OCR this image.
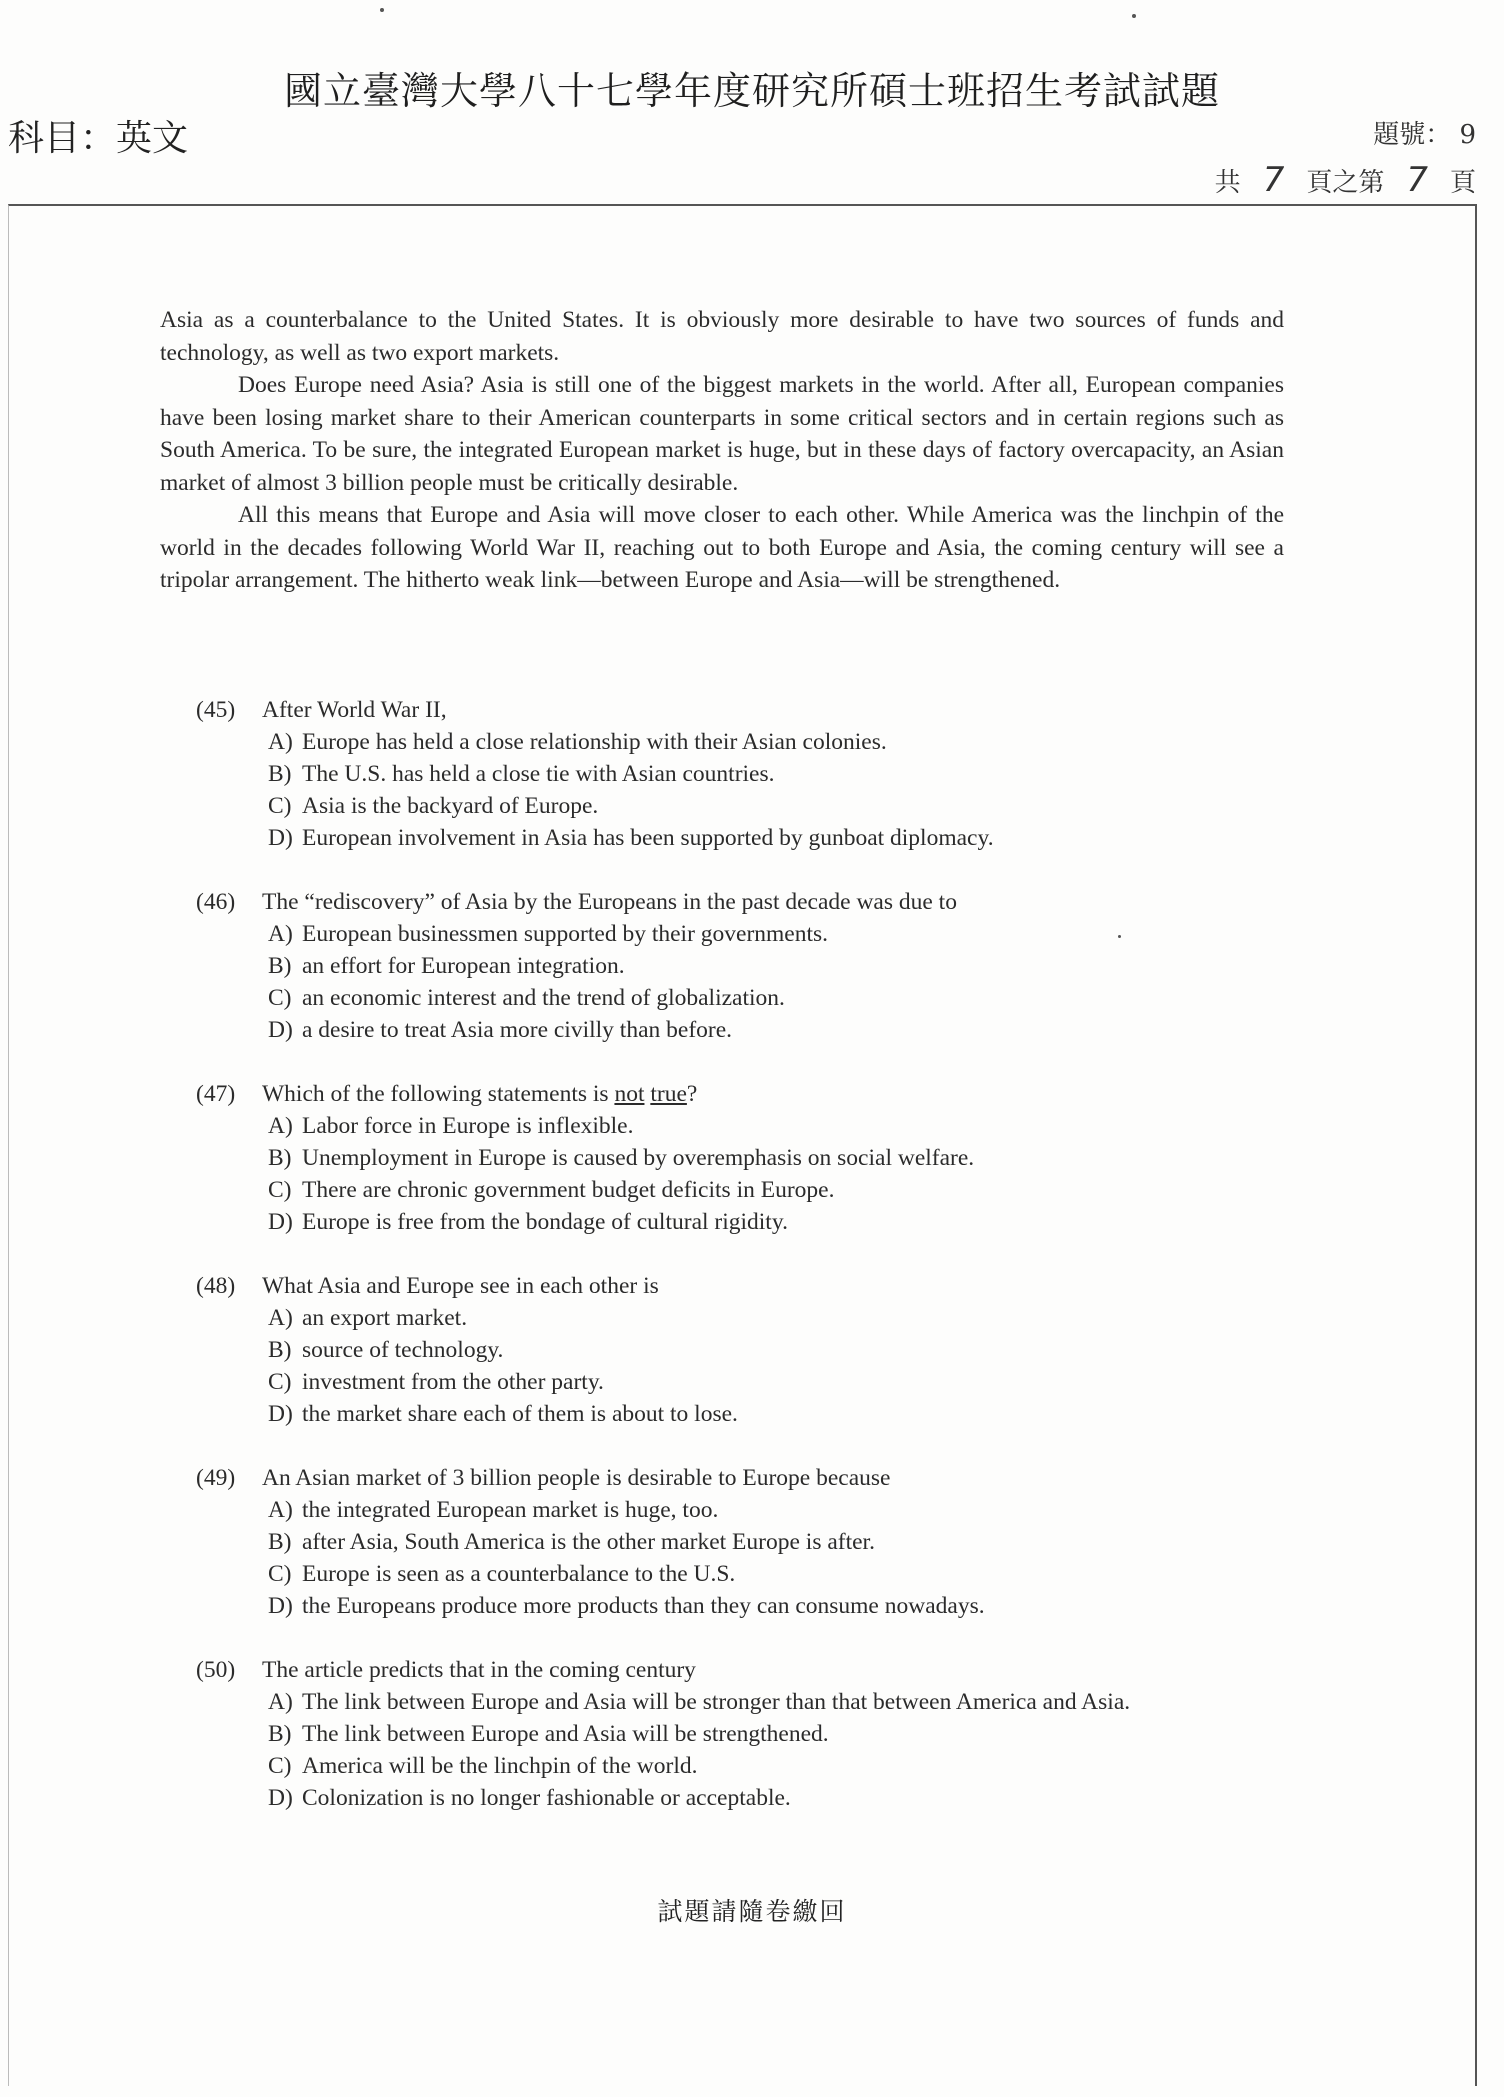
國立臺灣大學八十七學年度研究所碩士班招生考試試題
科目：英文	題號： 9
共 7 頁之第 7 頁

Asia as a counterbalance to the United States. It is obviously more desirable to have two sources of funds and technology, as well as two export markets.

Does Europe need Asia? Asia is still one of the biggest markets in the world. After all, European companies have been losing market share to their American counterparts in some critical sectors and in certain regions such as South America. To be sure, the integrated European market is huge, but in these days of factory overcapacity, an Asian market of almost 3 billion people must be critically desirable.

All this means that Europe and Asia will move closer to each other. While America was the linchpin of the world in the decades following World War II, reaching out to both Europe and Asia, the coming century will see a tripolar arrangement. The hitherto weak link—between Europe and Asia—will be strengthened.

(45) After World War II,
A) Europe has held a close relationship with their Asian colonies.
B) The U.S. has held a close tie with Asian countries.
C) Asia is the backyard of Europe.
D) European involvement in Asia has been supported by gunboat diplomacy.
(46) The “rediscovery” of Asia by the Europeans in the past decade was due to
A) European businessmen supported by their governments.
B) an effort for European integration.
C) an economic interest and the trend of globalization.
D) a desire to treat Asia more civilly than before.
(47) Which of the following statements is not true?
A) Labor force in Europe is inflexible.
B) Unemployment in Europe is caused by overemphasis on social welfare.
C) There are chronic government budget deficits in Europe.
D) Europe is free from the bondage of cultural rigidity.
(48) What Asia and Europe see in each other is
A) an export market.
B) source of technology.
C) investment from the other party.
D) the market share each of them is about to lose.
(49) An Asian market of 3 billion people is desirable to Europe because
A) the integrated European market is huge, too.
B) after Asia, South America is the other market Europe is after.
C) Europe is seen as a counterbalance to the U.S.
D) the Europeans produce more products than they can consume nowadays.
(50) The article predicts that in the coming century
A) The link between Europe and Asia will be stronger than that between America and Asia.
B) The link between Europe and Asia will be strengthened.
C) America will be the linchpin of the world.
D) Colonization is no longer fashionable or acceptable.
試題請隨卷繳回
